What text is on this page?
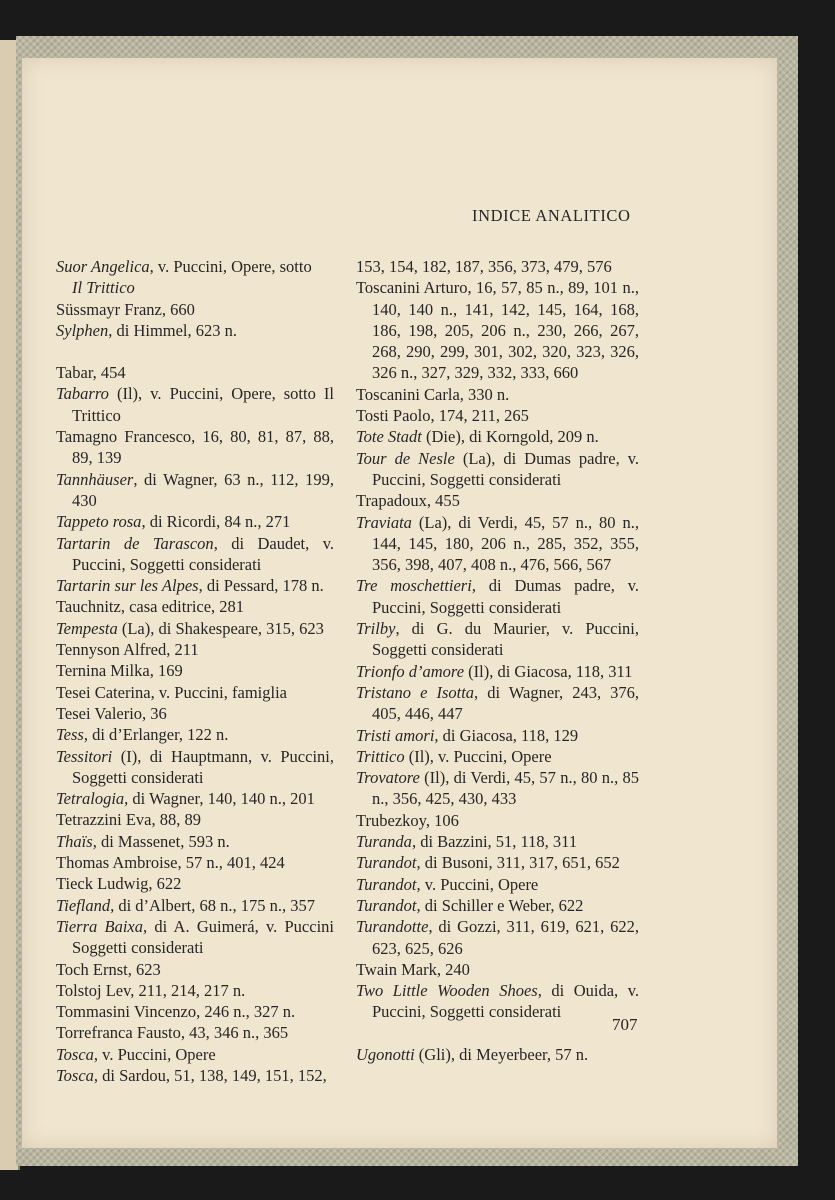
INDICE ANALITICO
Suor Angelica, v. Puccini, Opere, sotto
Il Trittico
Süssmayr Franz, 660
Sylphen, di Himmel, 623 n.
Tabar, 454
Tabarro (Il), v. Puccini, Opere, sotto Il Trittico
Tamagno Francesco, 16, 80, 81, 87, 88, 89, 139
Tannhäuser, di Wagner, 63 n., 112, 199, 430
Tappeto rosa, di Ricordi, 84 n., 271
Tartarin de Tarascon, di Daudet, v. Puccini, Soggetti considerati
Tartarin sur les Alpes, di Pessard, 178 n.
Tauchnitz, casa editrice, 281
Tempesta (La), di Shakespeare, 315, 623
Tennyson Alfred, 211
Ternina Milka, 169
Tesei Caterina, v. Puccini, famiglia
Tesei Valerio, 36
Tess, di d’Erlanger, 122 n.
Tessitori (I), di Hauptmann, v. Puccini, Soggetti considerati
Tetralogia, di Wagner, 140, 140 n., 201
Tetrazzini Eva, 88, 89
Thaïs, di Massenet, 593 n.
Thomas Ambroise, 57 n., 401, 424
Tieck Ludwig, 622
Tiefland, di d’Albert, 68 n., 175 n., 357
Tierra Baixa, di A. Guimerá, v. Puccini Soggetti considerati
Toch Ernst, 623
Tolstoj Lev, 211, 214, 217 n.
Tommasini Vincenzo, 246 n., 327 n.
Torrefranca Fausto, 43, 346 n., 365
Tosca, v. Puccini, Opere
Tosca, di Sardou, 51, 138, 149, 151, 152,
153, 154, 182, 187, 356, 373, 479, 576
Toscanini Arturo, 16, 57, 85 n., 89, 101 n., 140, 140 n., 141, 142, 145, 164, 168, 186, 198, 205, 206 n., 230, 266, 267, 268, 290, 299, 301, 302, 320, 323, 326, 326 n., 327, 329, 332, 333, 660
Toscanini Carla, 330 n.
Tosti Paolo, 174, 211, 265
Tote Stadt (Die), di Korngold, 209 n.
Tour de Nesle (La), di Dumas padre, v. Puccini, Soggetti considerati
Trapadoux, 455
Traviata (La), di Verdi, 45, 57 n., 80 n., 144, 145, 180, 206 n., 285, 352, 355, 356, 398, 407, 408 n., 476, 566, 567
Tre moschettieri, di Dumas padre, v. Puccini, Soggetti considerati
Trilby, di G. du Maurier, v. Puccini, Soggetti considerati
Trionfo d’amore (Il), di Giacosa, 118, 311
Tristano e Isotta, di Wagner, 243, 376, 405, 446, 447
Tristi amori, di Giacosa, 118, 129
Trittico (Il), v. Puccini, Opere
Trovatore (Il), di Verdi, 45, 57 n., 80 n., 85 n., 356, 425, 430, 433
Trubezkoy, 106
Turanda, di Bazzini, 51, 118, 311
Turandot, di Busoni, 311, 317, 651, 652
Turandot, v. Puccini, Opere
Turandot, di Schiller e Weber, 622
Turandotte, di Gozzi, 311, 619, 621, 622, 623, 625, 626
Twain Mark, 240
Two Little Wooden Shoes, di Ouida, v. Puccini, Soggetti considerati
Ugonotti (Gli), di Meyerbeer, 57 n.
707
